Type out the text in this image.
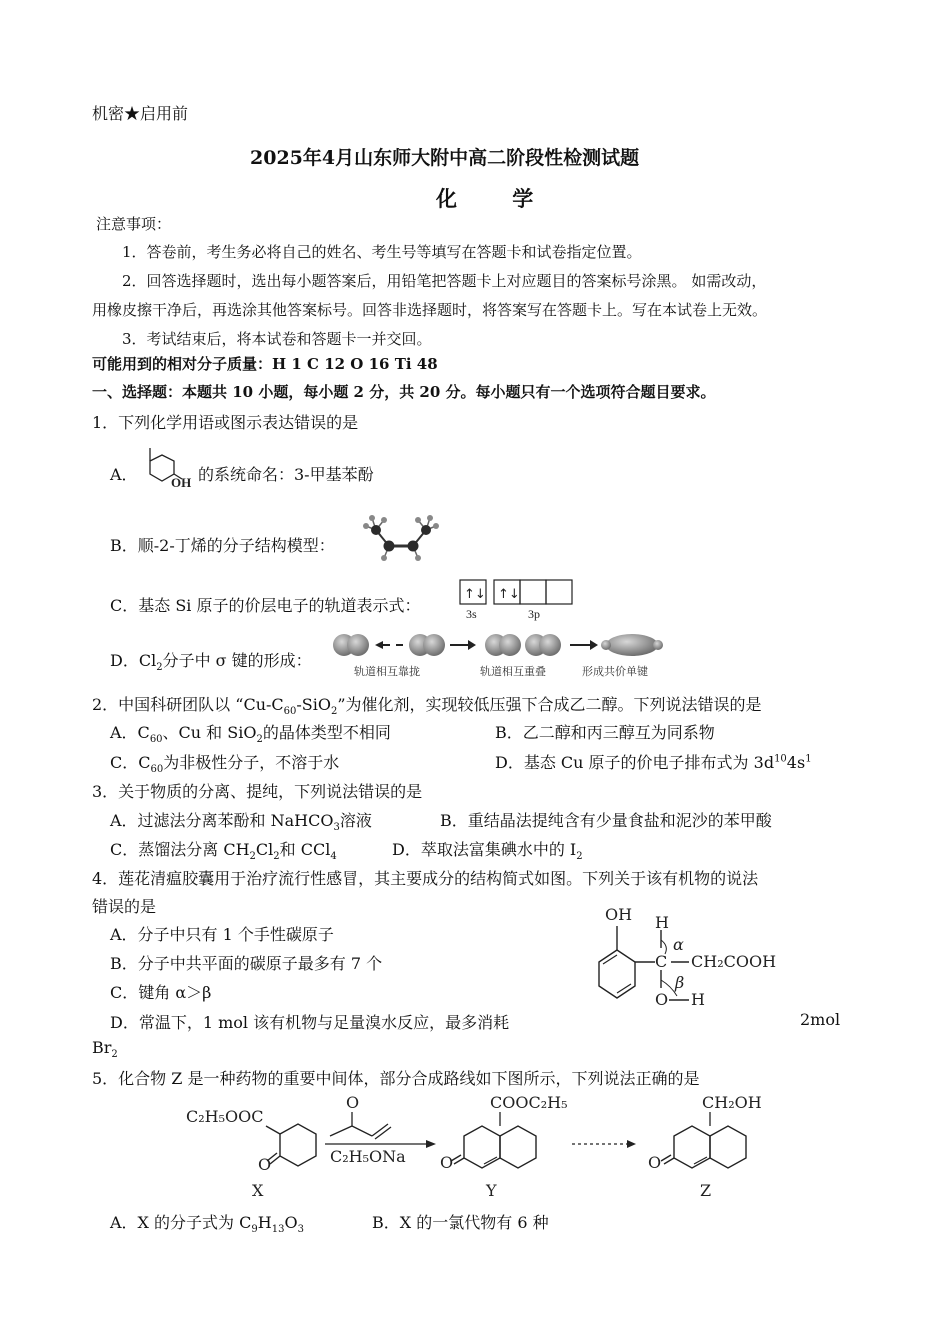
机密★启用前
2025年4月山东师大附中高二阶段性检测试题
化 学
注意事项：
1．答卷前，考生务必将自己的姓名、考生号等填写在答题卡和试卷指定位置。
2．回答选择题时，选出每小题答案后，用铅笔把答题卡上对应题目的答案标号涂黑。 如需改动，
用橡皮擦干净后，再选涂其他答案标号。回答非选择题时，将答案写在答题卡上。写在本试卷上无效。
3．考试结束后，将本试卷和答题卡一并交回。
可能用到的相对分子质量：H 1 C 12 O 16 Ti 48
一、选择题：本题共 10 小题，每小题 2 分，共 20 分。每小题只有一个选项符合题目要求。
1．下列化学用语或图示表达错误的是
A．	OH 的系统命名：3-甲基苯酚
B．顺-2-丁烯的分子结构模型：
C．基态 Si 原子的价层电子的轨道表示式：
↑↓ ↑↓
3s	3p
D．$Cl_2$分子中 σ 键的形成：
轨道相互靠拢	轨道相互重叠	形成共价单键
2．中国科研团队以 “$Cu-C_{60}-SiO_2$”为催化剂，实现较低压强下合成乙二醇。下列说法错误的是
A．$C_{60}$、Cu 和 SiO$_2$的晶体类型不相同	B．乙二醇和丙三醇互为同系物
C．$C_{60}$为非极性分子，不溶于水	D．基态 Cu 原子的价电子排布式为 $3d^{10}4s^1$
3．关于物质的分离、提纯，下列说法错误的是
A．过滤法分离苯酚和 NaHCO$_3$溶液	B．重结晶法提纯含有少量食盐和泥沙的苯甲酸
C．蒸馏法分离 $CH_2Cl_2$和 CCl$_4$	D．萃取法富集碘水中的 $I_2$
4．莲花清瘟胶囊用于治疗流行性感冒，其主要成分的结构简式如图。下列关于该有机物的说法
错误的是
A．分子中只有 1 个手性碳原子
B．分子中共平面的碳原子最多有 7 个
C．键角 α＞β
D．常温下，1 mol 该有机物与足量溴水反应，最多消耗	2mol
$Br_2$
OH
C
H
α
CH₂COOH
β
O H
5．化合物 Z 是一种药物的重要中间体，部分合成路线如下图所示，下列说法正确的是
C₂H₅OOC
O
X
O
C₂H₅ONa
COOC₂H₅
O
Y
CH₂OH
O
Z
A．X 的分子式为 $C_9H_{13}O_3$	B．X 的一氯代物有 6 种
